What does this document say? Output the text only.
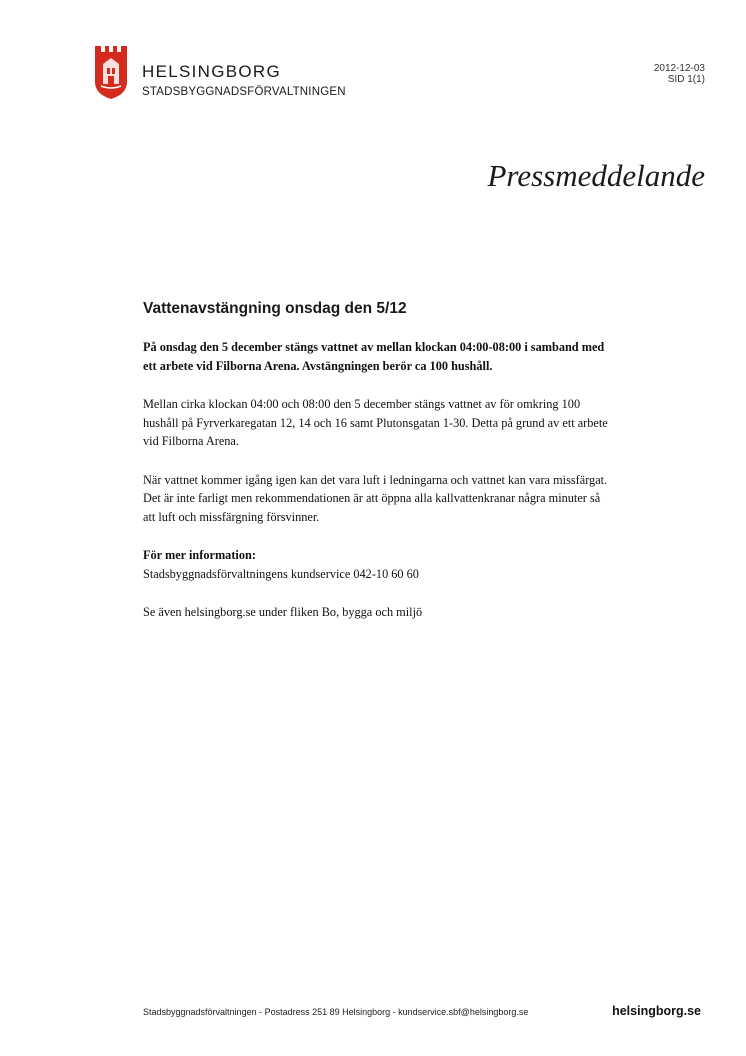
HELSINGBORG
STADSBYGGNADSFÖRVALTNINGEN
2012-12-03
SID 1(1)
Pressmeddelande
Vattenavstängning onsdag den 5/12

På onsdag den 5 december stängs vattnet av mellan klockan 04:00-08:00 i samband med ett arbete vid Filborna Arena. Avstängningen berör ca 100 hushåll.

Mellan cirka klockan 04:00 och 08:00 den 5 december stängs vattnet av för omkring 100 hushåll på Fyrverkaregatan 12, 14 och 16 samt Plutonsgatan 1-30. Detta på grund av ett arbete vid Filborna Arena.

När vattnet kommer igång igen kan det vara luft i ledningarna och vattnet kan vara missfärgat. Det är inte farligt men rekommendationen är att öppna alla kallvattenkranar några minuter så att luft och missfärgning försvinner.

För mer information:
Stadsbyggnadsförvaltningens kundservice 042-10 60 60

Se även helsingborg.se under fliken Bo, bygga och miljö

Stadsbyggnadsförvaltningen - Postadress 251 89 Helsingborg - kundservice.sbf@helsingborg.se	helsingborg.se
